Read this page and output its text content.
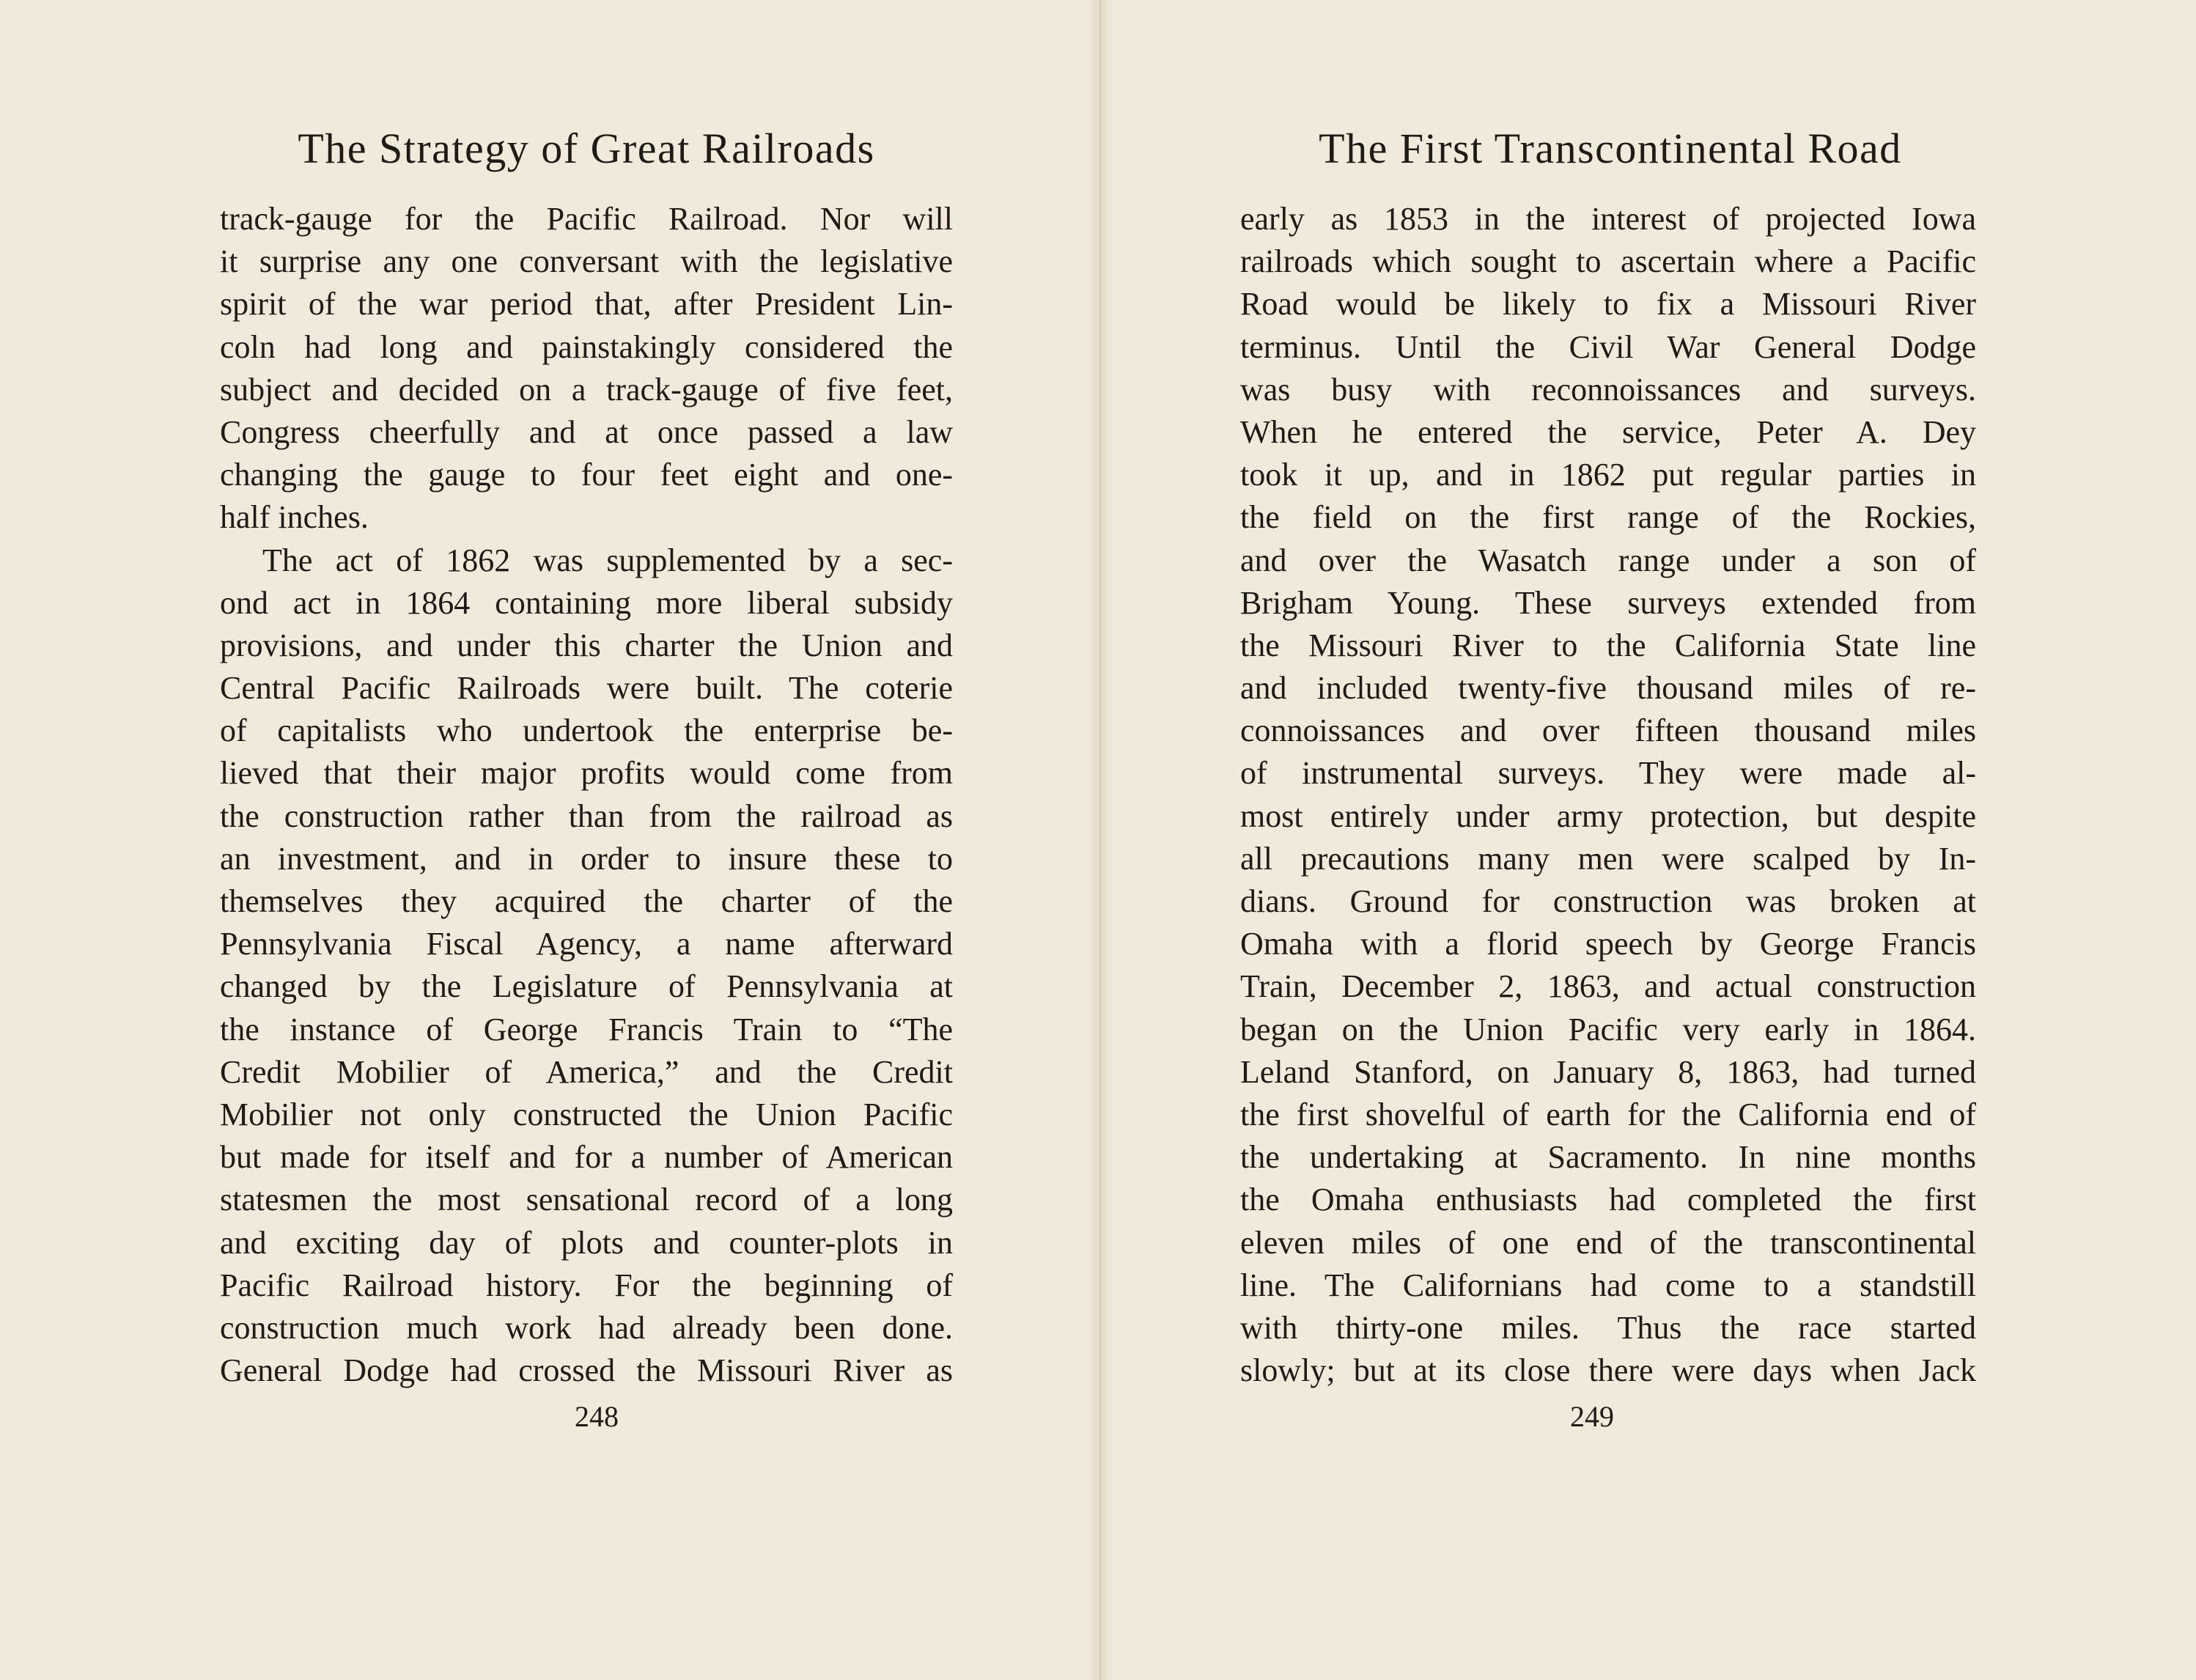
The Strategy of Great Railroads
track-gauge for the Pacific Railroad. Nor will
it surprise any one conversant with the legislative
spirit of the war period that, after President Lin-
coln had long and painstakingly considered the
subject and decided on a track-gauge of five feet,
Congress cheerfully and at once passed a law
changing the gauge to four feet eight and one-
half inches.
The act of 1862 was supplemented by a sec-
ond act in 1864 containing more liberal subsidy
provisions, and under this charter the Union and
Central Pacific Railroads were built. The coterie
of capitalists who undertook the enterprise be-
lieved that their major profits would come from
the construction rather than from the railroad as
an investment, and in order to insure these to
themselves they acquired the charter of the
Pennsylvania Fiscal Agency, a name afterward
changed by the Legislature of Pennsylvania at
the instance of George Francis Train to “The
Credit Mobilier of America,” and the Credit
Mobilier not only constructed the Union Pacific
but made for itself and for a number of American
statesmen the most sensational record of a long
and exciting day of plots and counter-plots in
Pacific Railroad history. For the beginning of
construction much work had already been done.
General Dodge had crossed the Missouri River as
248
The First Transcontinental Road
early as 1853 in the interest of projected Iowa
railroads which sought to ascertain where a Pacific
Road would be likely to fix a Missouri River
terminus. Until the Civil War General Dodge
was busy with reconnoissances and surveys.
When he entered the service, Peter A. Dey
took it up, and in 1862 put regular parties in
the field on the first range of the Rockies,
and over the Wasatch range under a son of
Brigham Young. These surveys extended from
the Missouri River to the California State line
and included twenty-five thousand miles of re-
connoissances and over fifteen thousand miles
of instrumental surveys. They were made al-
most entirely under army protection, but despite
all precautions many men were scalped by In-
dians. Ground for construction was broken at
Omaha with a florid speech by George Francis
Train, December 2, 1863, and actual construction
began on the Union Pacific very early in 1864.
Leland Stanford, on January 8, 1863, had turned
the first shovelful of earth for the California end of
the undertaking at Sacramento. In nine months
the Omaha enthusiasts had completed the first
eleven miles of one end of the transcontinental
line. The Californians had come to a standstill
with thirty-one miles. Thus the race started
slowly; but at its close there were days when Jack
249
